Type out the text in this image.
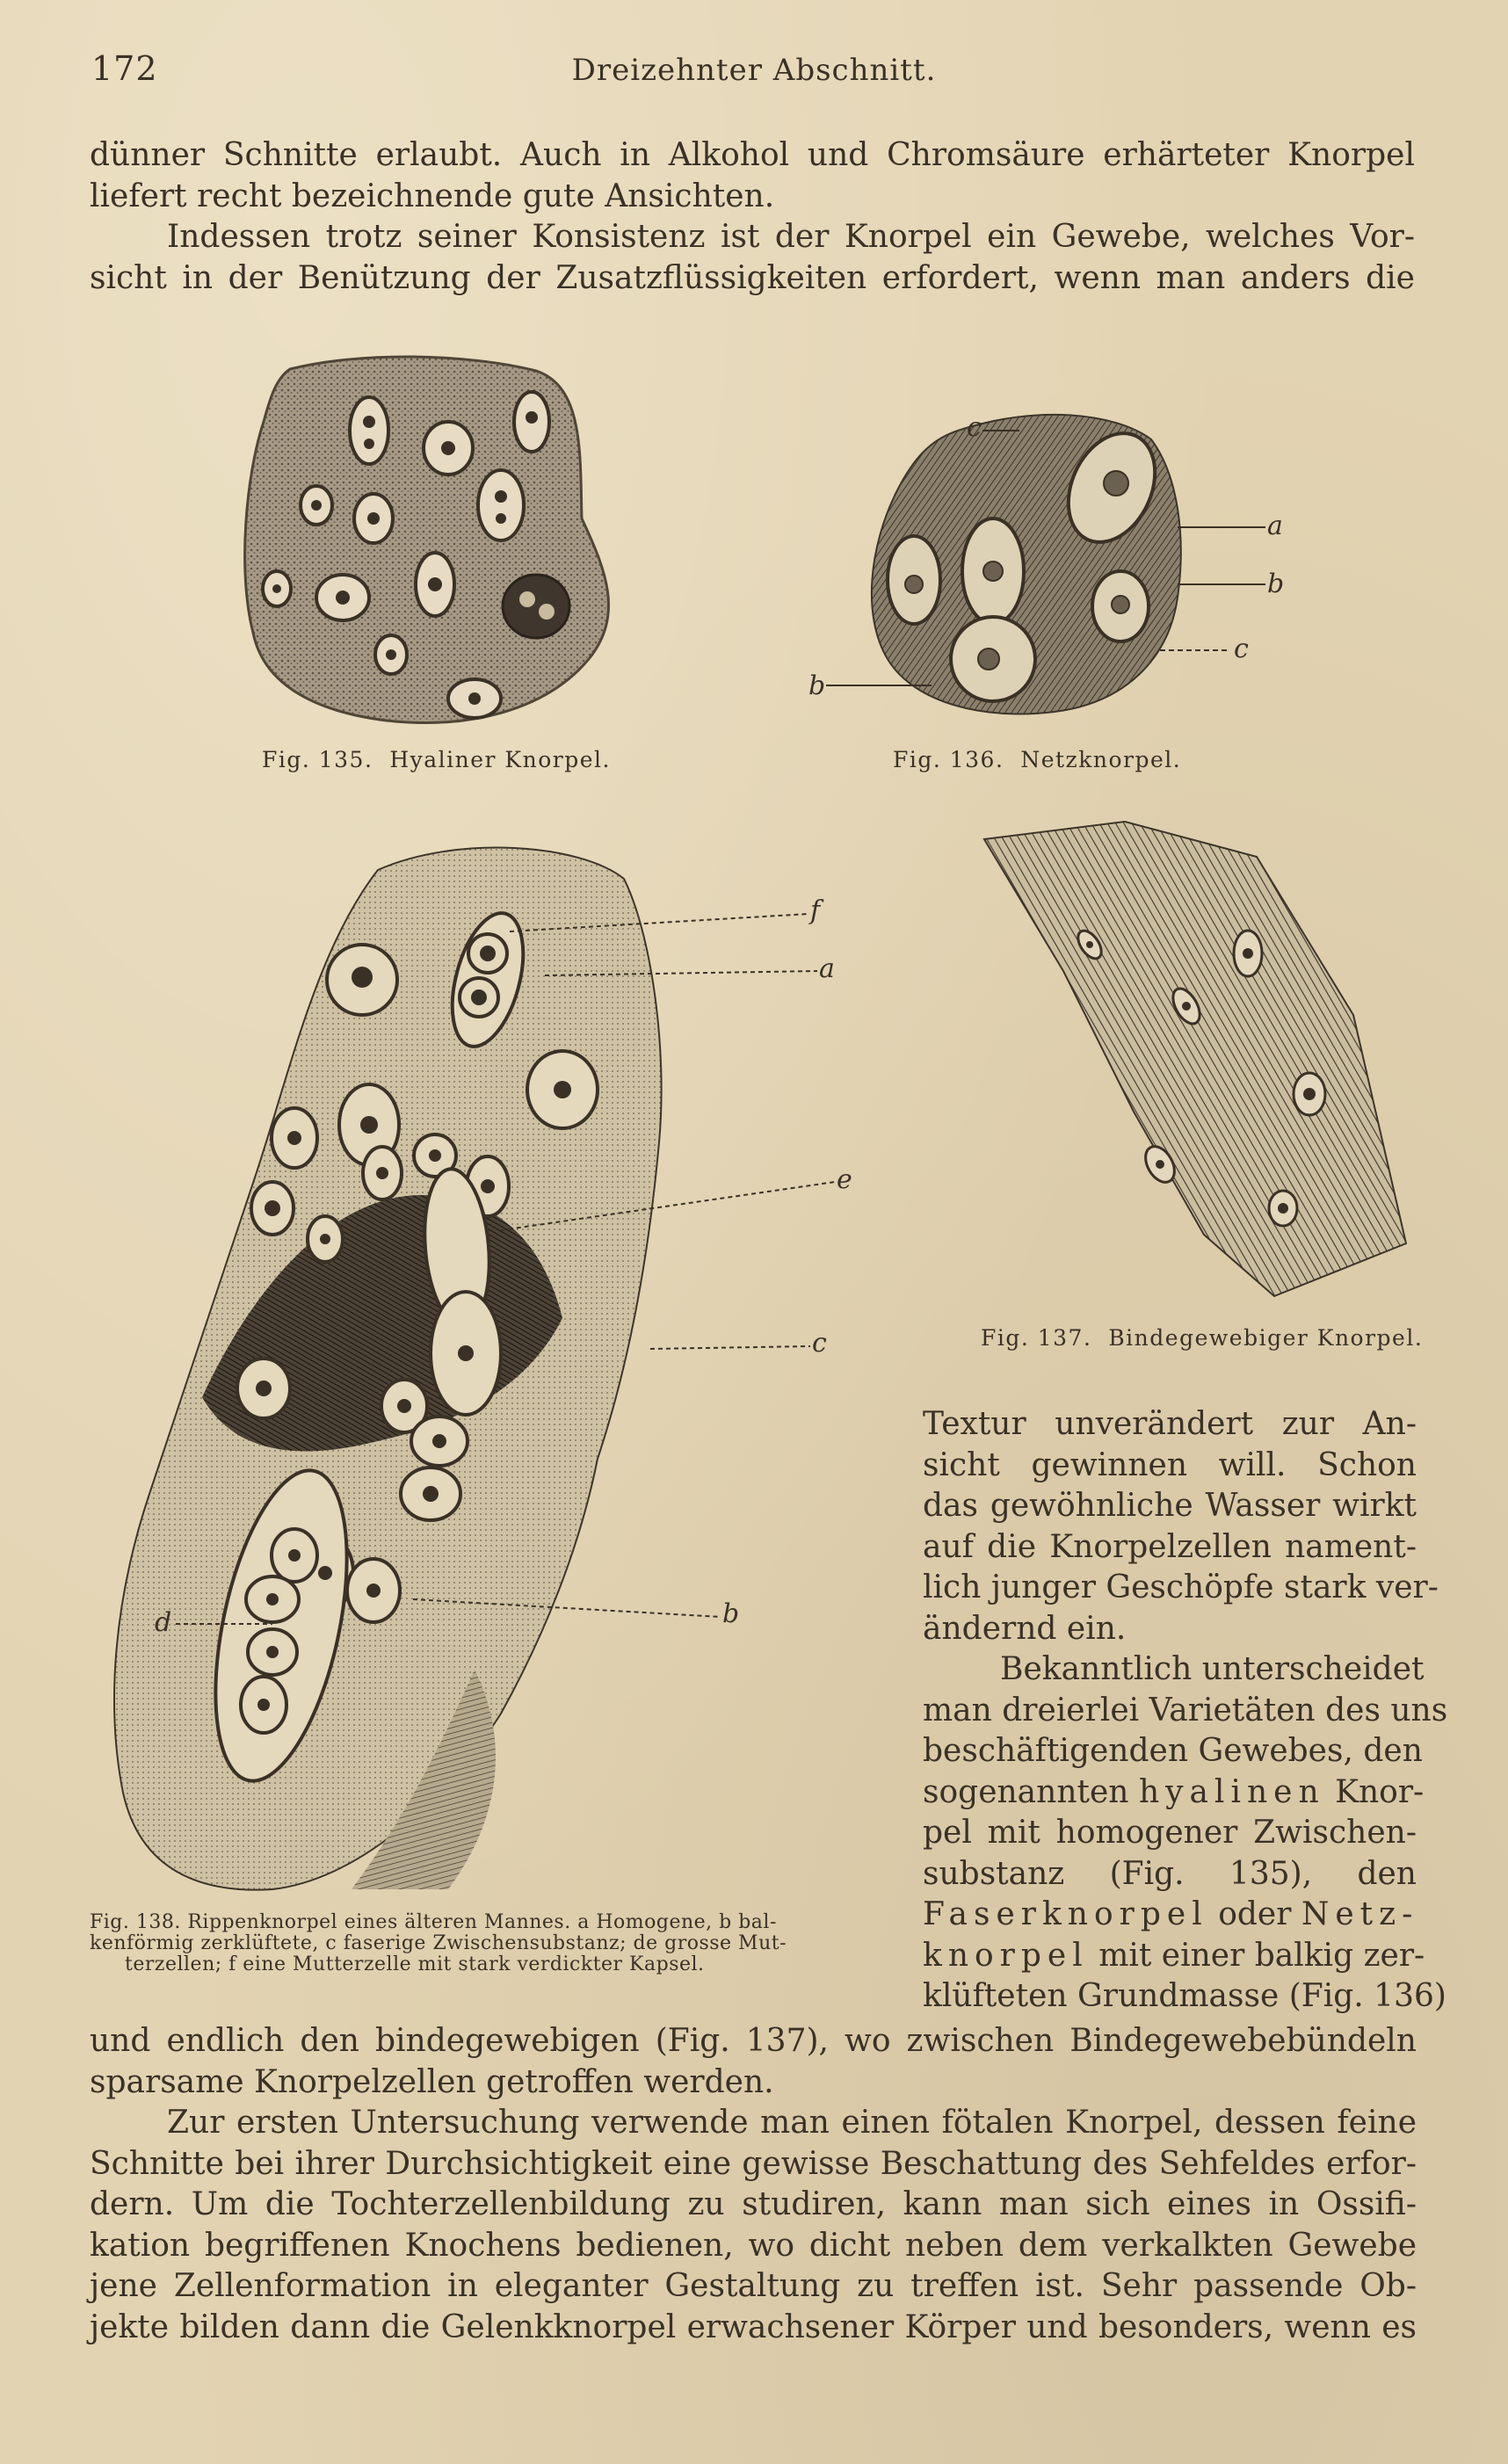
172	Dreizehnter Abschnitt.
dünner Schnitte erlaubt. Auch in Alkohol und Chromsäure erhärteter Knorpel
liefert recht bezeichnende gute Ansichten.
Indessen trotz seiner Konsistenz ist der Knorpel ein Gewebe, welches Vor-
sicht in der Benützung der Zusatzflüssigkeiten erfordert, wenn man anders die
Fig. 135. Hyaliner Knorpel.
c
a
b
c
b
Fig. 136. Netzknorpel.
Fig. 137. Bindegewebiger Knorpel.
f
a
e
c
b
d
Fig. 138. Rippenknorpel eines älteren Mannes. a Homogene, b bal-
kenförmig zerklüftete, c faserige Zwischensubstanz; de grosse Mut-
terzellen; f eine Mutterzelle mit stark verdickter Kapsel.
Textur unverändert zur An-
sicht gewinnen will. Schon
das gewöhnliche Wasser wirkt
auf die Knorpelzellen nament-
lich junger Geschöpfe stark ver-
ändernd ein.
Bekanntlich unterscheidet
man dreierlei Varietäten des uns
beschäftigenden Gewebes, den
sogenannten hyalinen Knor-
pel mit homogener Zwischen-
substanz (Fig. 135), den
Faserknorpel oder Netz-
knorpel mit einer balkig zer-
klüfteten Grundmasse (Fig. 136)
und endlich den bindegewebigen (Fig. 137), wo zwischen Bindegewebebündeln
sparsame Knorpelzellen getroffen werden.
Zur ersten Untersuchung verwende man einen fötalen Knorpel, dessen feine
Schnitte bei ihrer Durchsichtigkeit eine gewisse Beschattung des Sehfeldes erfor-
dern. Um die Tochterzellenbildung zu studiren, kann man sich eines in Ossifi-
kation begriffenen Knochens bedienen, wo dicht neben dem verkalkten Gewebe
jene Zellenformation in eleganter Gestaltung zu treffen ist. Sehr passende Ob-
jekte bilden dann die Gelenkknorpel erwachsener Körper und besonders, wenn es
